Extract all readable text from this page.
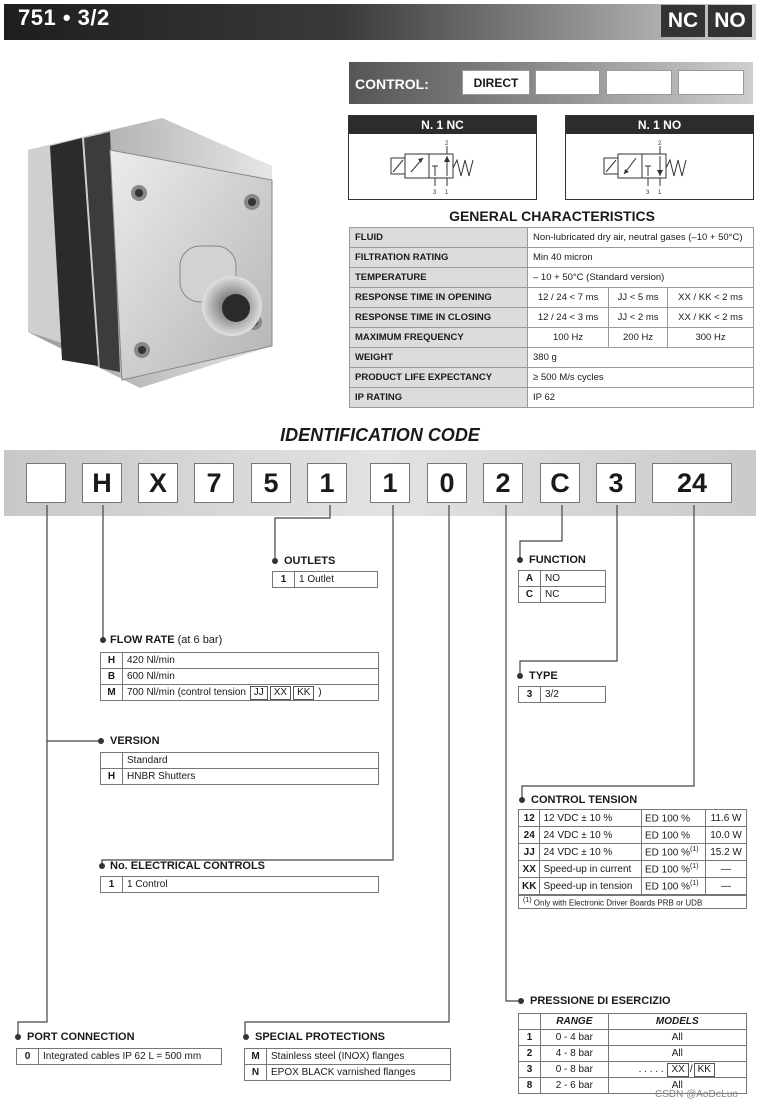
751 • 3/2	NC NO
CONTROL:	DIRECT
N. 1 NC
2
3 1
N. 1 NO
2
3 1
GENERAL CHARACTERISTICS
FLUID	Non-lubricated dry air, neutral gases (–10 + 50°C)		
FILTRATION RATING	Min 40 micron		
TEMPERATURE	– 10 + 50°C (Standard version)		
RESPONSE TIME IN OPENING	12 / 24 < 7 ms	JJ < 5 ms	XX / KK < 2 ms
RESPONSE TIME IN CLOSING	12 / 24 < 3 ms	JJ < 2 ms	XX / KK < 2 ms
MAXIMUM FREQUENCY	100 Hz	200 Hz	300 Hz
WEIGHT	380 g		
PRODUCT LIFE EXPECTANCY	≥ 500 M/s cycles		
IP RATING	IP 62		
IDENTIFICATION CODE
H	X	7	5	1	1	0	2	C	3	24
OUTLETS
1	1 Outlet
FLOW RATE (at 6 bar)
H	420 Nl/min
B	600 Nl/min
M	700 Nl/min (control tension JJ XX KK )
VERSION
	Standard
H	HNBR Shutters
No. ELECTRICAL CONTROLS
1	1 Control
PORT CONNECTION
0	Integrated cables IP 62 L = 500 mm
SPECIAL PROTECTIONS
M	Stainless steel (INOX) flanges
N	EPOX BLACK varnished flanges
FUNCTION
A	NO
C	NC
TYPE
3	3/2
CONTROL TENSION
12	12 VDC ± 10 %	ED 100 %	11.6 W
24	24 VDC ± 10 %	ED 100 %	10.0 W
JJ	24 VDC ± 10 %	ED 100 %$^{(1)}$	15.2 W
XX	Speed-up in current	ED 100 %$^{(1)}$	—
KK	Speed-up in tension	ED 100 %$^{(1)}$	—
$^{(1)}$ Only with Electronic Driver Boards PRB or UDB
PRESSIONE DI ESERCIZIO
	RANGE	MODELS
1	0 - 4 bar	All
2	4 - 8 bar	All
3	0 - 8 bar	. . . . . XX / KK
8	2 - 6 bar	All
CSDN @AoDeLuo
